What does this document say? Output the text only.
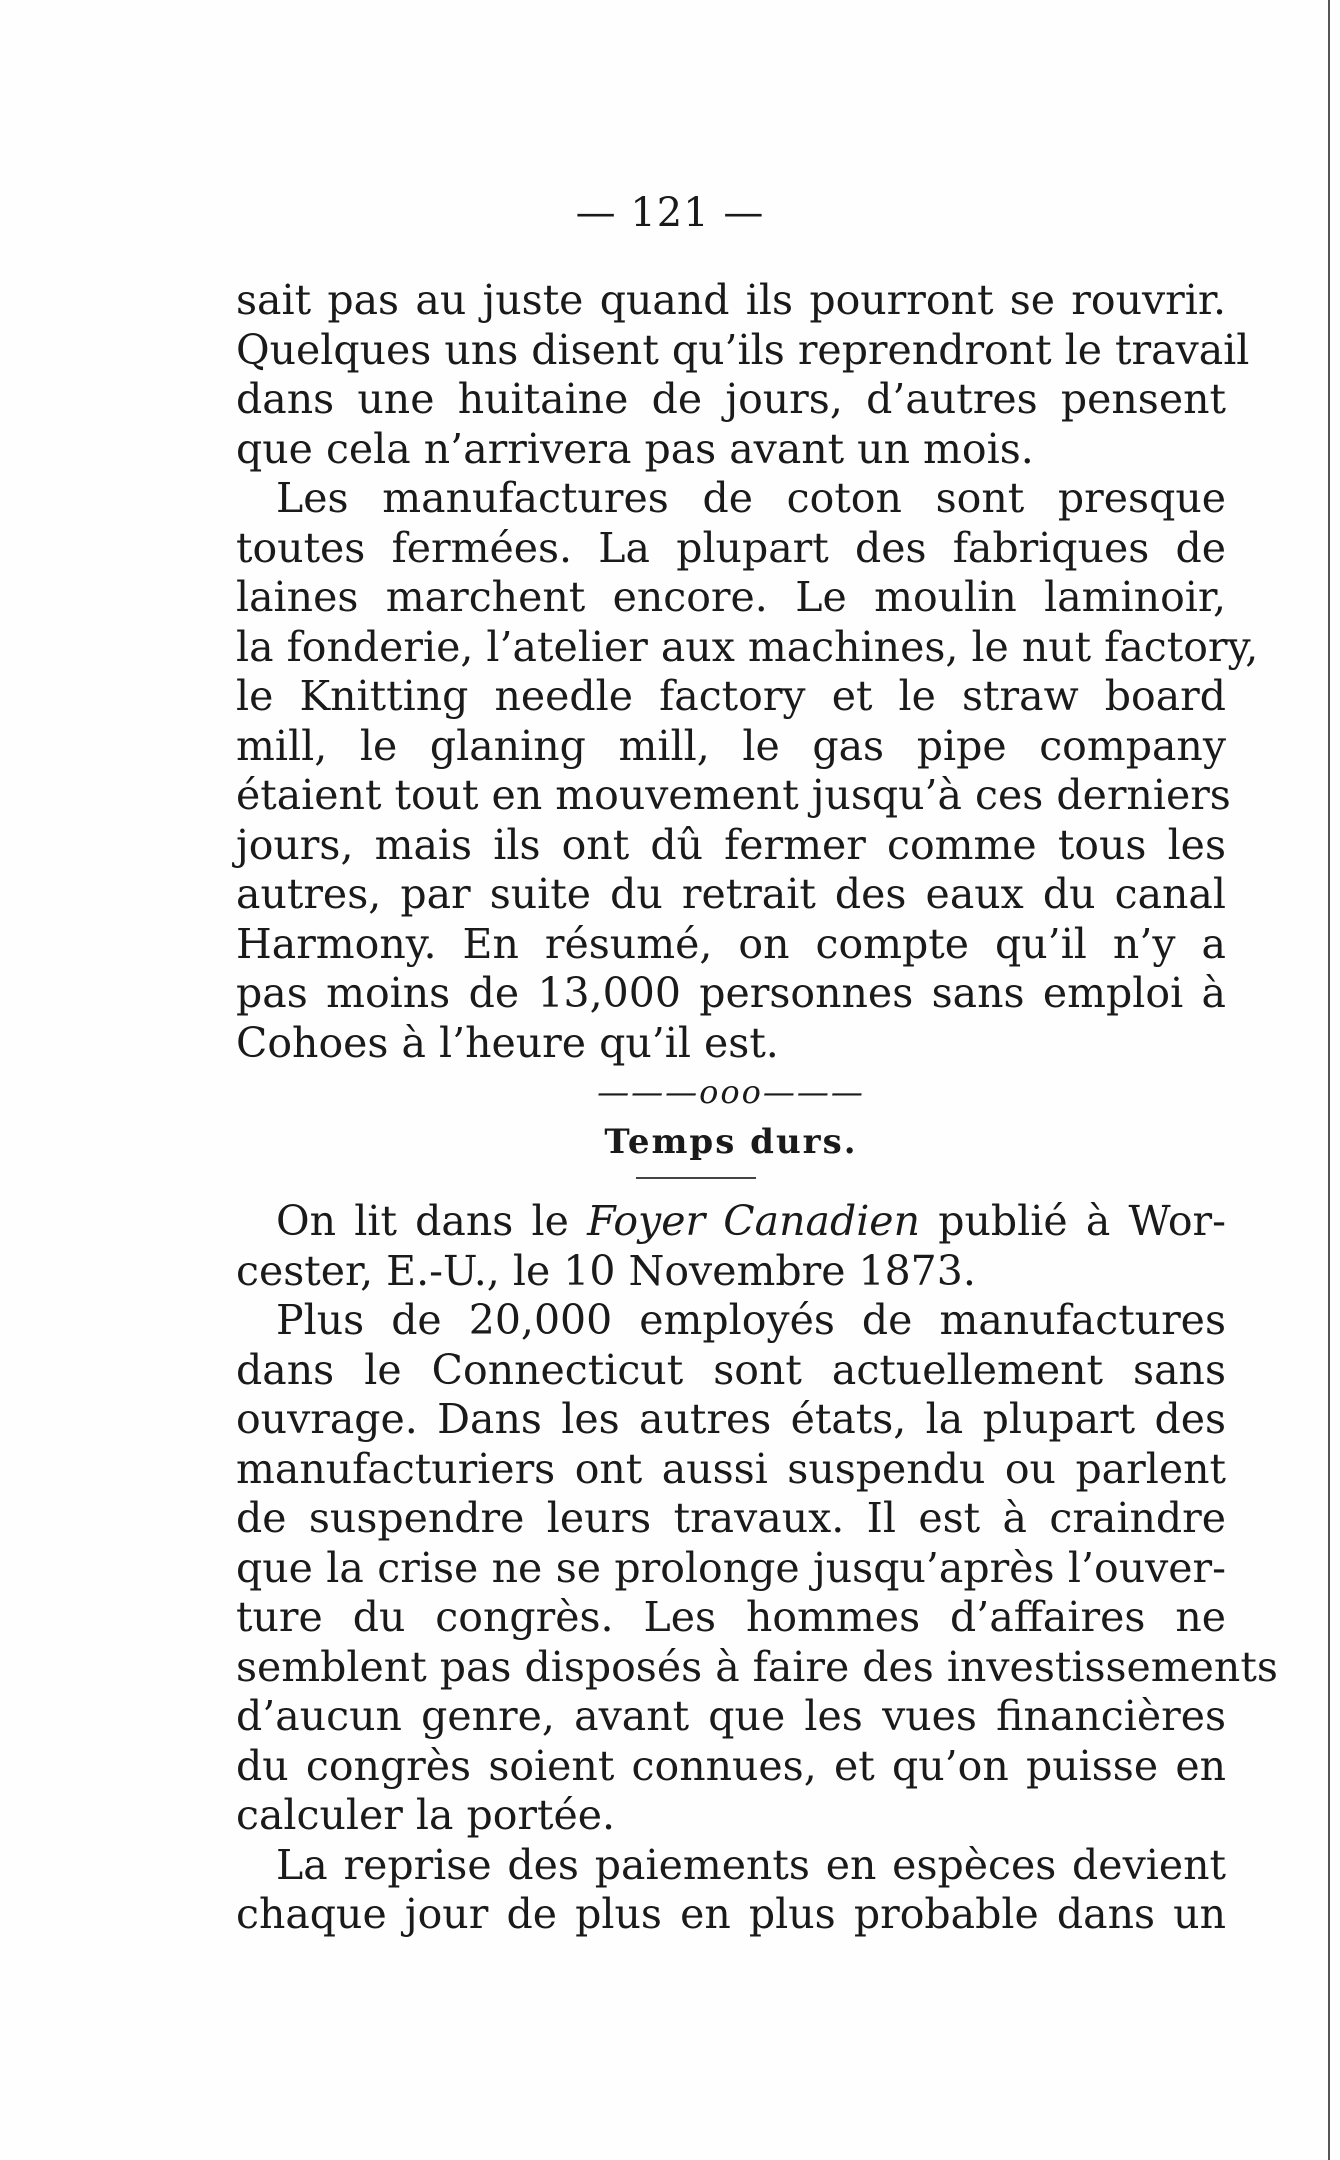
— 121 —
sait pas au juste quand ils pourront se rouvrir.
Quelques uns disent qu’ils reprendront le travail
dans une huitaine de jours, d’autres pensent
que cela n’arrivera pas avant un mois.
Les manufactures de coton sont presque
toutes fermées. La plupart des fabriques de
laines marchent encore. Le moulin laminoir,
la fonderie, l’atelier aux machines, le nut factory,
le Knitting needle factory et le straw board
mill, le glaning mill, le gas pipe company
étaient tout en mouvement jusqu’à ces derniers
jours, mais ils ont dû fermer comme tous les
autres, par suite du retrait des eaux du canal
Harmony. En résumé, on compte qu’il n’y a
pas moins de 13,000 personnes sans emploi à
Cohoes à l’heure qu’il est.
———ooo———
Temps durs.
On lit dans le Foyer Canadien publié à Wor-
cester, E.-U., le 10 Novembre 1873.
Plus de 20,000 employés de manufactures
dans le Connecticut sont actuellement sans
ouvrage. Dans les autres états, la plupart des
manufacturiers ont aussi suspendu ou parlent
de suspendre leurs travaux. Il est à craindre
que la crise ne se prolonge jusqu’après l’ouver-
ture du congrès. Les hommes d’affaires ne
semblent pas disposés à faire des investissements
d’aucun genre, avant que les vues financières
du congrès soient connues, et qu’on puisse en
calculer la portée.
La reprise des paiements en espèces devient
chaque jour de plus en plus probable dans un
